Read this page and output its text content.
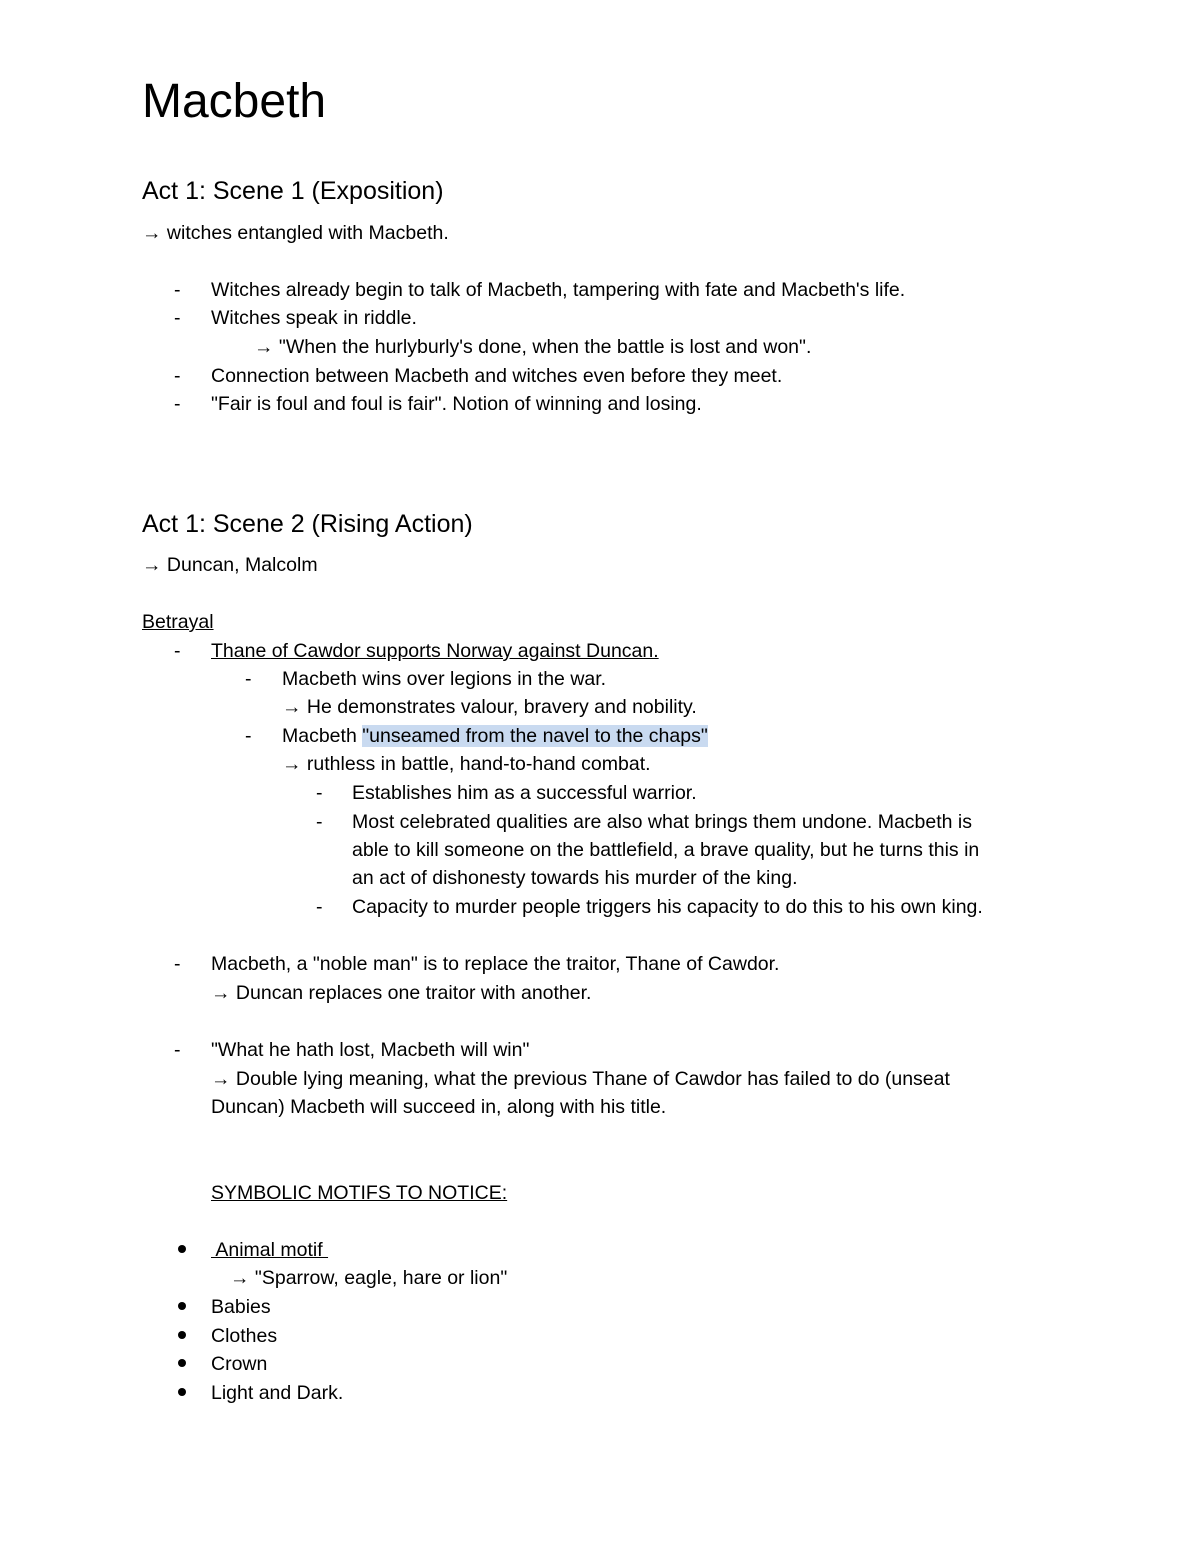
Macbeth
Act 1: Scene 1 (Exposition)
→ witches entangled with Macbeth.
- Witches already begin to talk of Macbeth, tampering with fate and Macbeth's life.
- Witches speak in riddle.
→ "When the hurlyburly's done, when the battle is lost and won".
- Connection between Macbeth and witches even before they meet.
- "Fair is foul and foul is fair". Notion of winning and losing.
Act 1: Scene 2 (Rising Action)
→ Duncan, Malcolm
Betrayal
- Thane of Cawdor supports Norway against Duncan.
- Macbeth wins over legions in the war.
→ He demonstrates valour, bravery and nobility.
- Macbeth "unseamed from the navel to the chaps"
→ ruthless in battle, hand-to-hand combat.
- Establishes him as a successful warrior.
- Most celebrated qualities are also what brings them undone. Macbeth is
able to kill someone on the battlefield, a brave quality, but he turns this in
an act of dishonesty towards his murder of the king.
- Capacity to murder people triggers his capacity to do this to his own king.
- Macbeth, a "noble man" is to replace the traitor, Thane of Cawdor.
→ Duncan replaces one traitor with another.
- "What he hath lost, Macbeth will win"
→ Double lying meaning, what the previous Thane of Cawdor has failed to do (unseat
Duncan) Macbeth will succeed in, along with his title.
SYMBOLIC MOTIFS TO NOTICE:
Animal motif
→ "Sparrow, eagle, hare or lion"
Babies
Clothes
Crown
Light and Dark.
